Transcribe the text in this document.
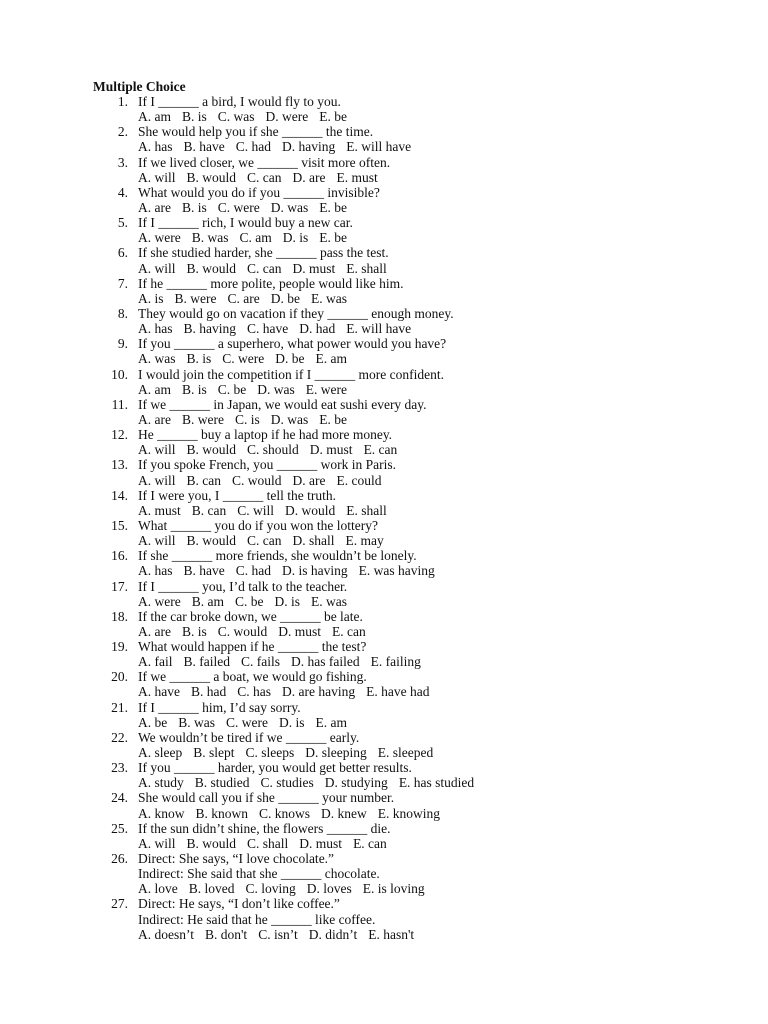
Multiple Choice
1. If I ______ a bird, I would fly to you.
A. am B. is C. was D. were E. be
2. She would help you if she ______ the time.
A. has B. have C. had D. having E. will have
3. If we lived closer, we ______ visit more often.
A. will B. would C. can D. are E. must
4. What would you do if you ______ invisible?
A. are B. is C. were D. was E. be
5. If I ______ rich, I would buy a new car.
A. were B. was C. am D. is E. be
6. If she studied harder, she ______ pass the test.
A. will B. would C. can D. must E. shall
7. If he ______ more polite, people would like him.
A. is B. were C. are D. be E. was
8. They would go on vacation if they ______ enough money.
A. has B. having C. have D. had E. will have
9. If you ______ a superhero, what power would you have?
A. was B. is C. were D. be E. am
10. I would join the competition if I ______ more confident.
A. am B. is C. be D. was E. were
11. If we ______ in Japan, we would eat sushi every day.
A. are B. were C. is D. was E. be
12. He ______ buy a laptop if he had more money.
A. will B. would C. should D. must E. can
13. If you spoke French, you ______ work in Paris.
A. will B. can C. would D. are E. could
14. If I were you, I ______ tell the truth.
A. must B. can C. will D. would E. shall
15. What ______ you do if you won the lottery?
A. will B. would C. can D. shall E. may
16. If she ______ more friends, she wouldn’t be lonely.
A. has B. have C. had D. is having E. was having
17. If I ______ you, I’d talk to the teacher.
A. were B. am C. be D. is E. was
18. If the car broke down, we ______ be late.
A. are B. is C. would D. must E. can
19. What would happen if he ______ the test?
A. fail B. failed C. fails D. has failed E. failing
20. If we ______ a boat, we would go fishing.
A. have B. had C. has D. are having E. have had
21. If I ______ him, I’d say sorry.
A. be B. was C. were D. is E. am
22. We wouldn’t be tired if we ______ early.
A. sleep B. slept C. sleeps D. sleeping E. sleeped
23. If you ______ harder, you would get better results.
A. study B. studied C. studies D. studying E. has studied
24. She would call you if she ______ your number.
A. know B. known C. knows D. knew E. knowing
25. If the sun didn’t shine, the flowers ______ die.
A. will B. would C. shall D. must E. can
26. Direct: She says, “I love chocolate.”
Indirect: She said that she ______ chocolate.
A. love B. loved C. loving D. loves E. is loving
27. Direct: He says, “I don’t like coffee.”
Indirect: He said that he ______ like coffee.
A. doesn’t B. don't C. isn’t D. didn’t E. hasn't
